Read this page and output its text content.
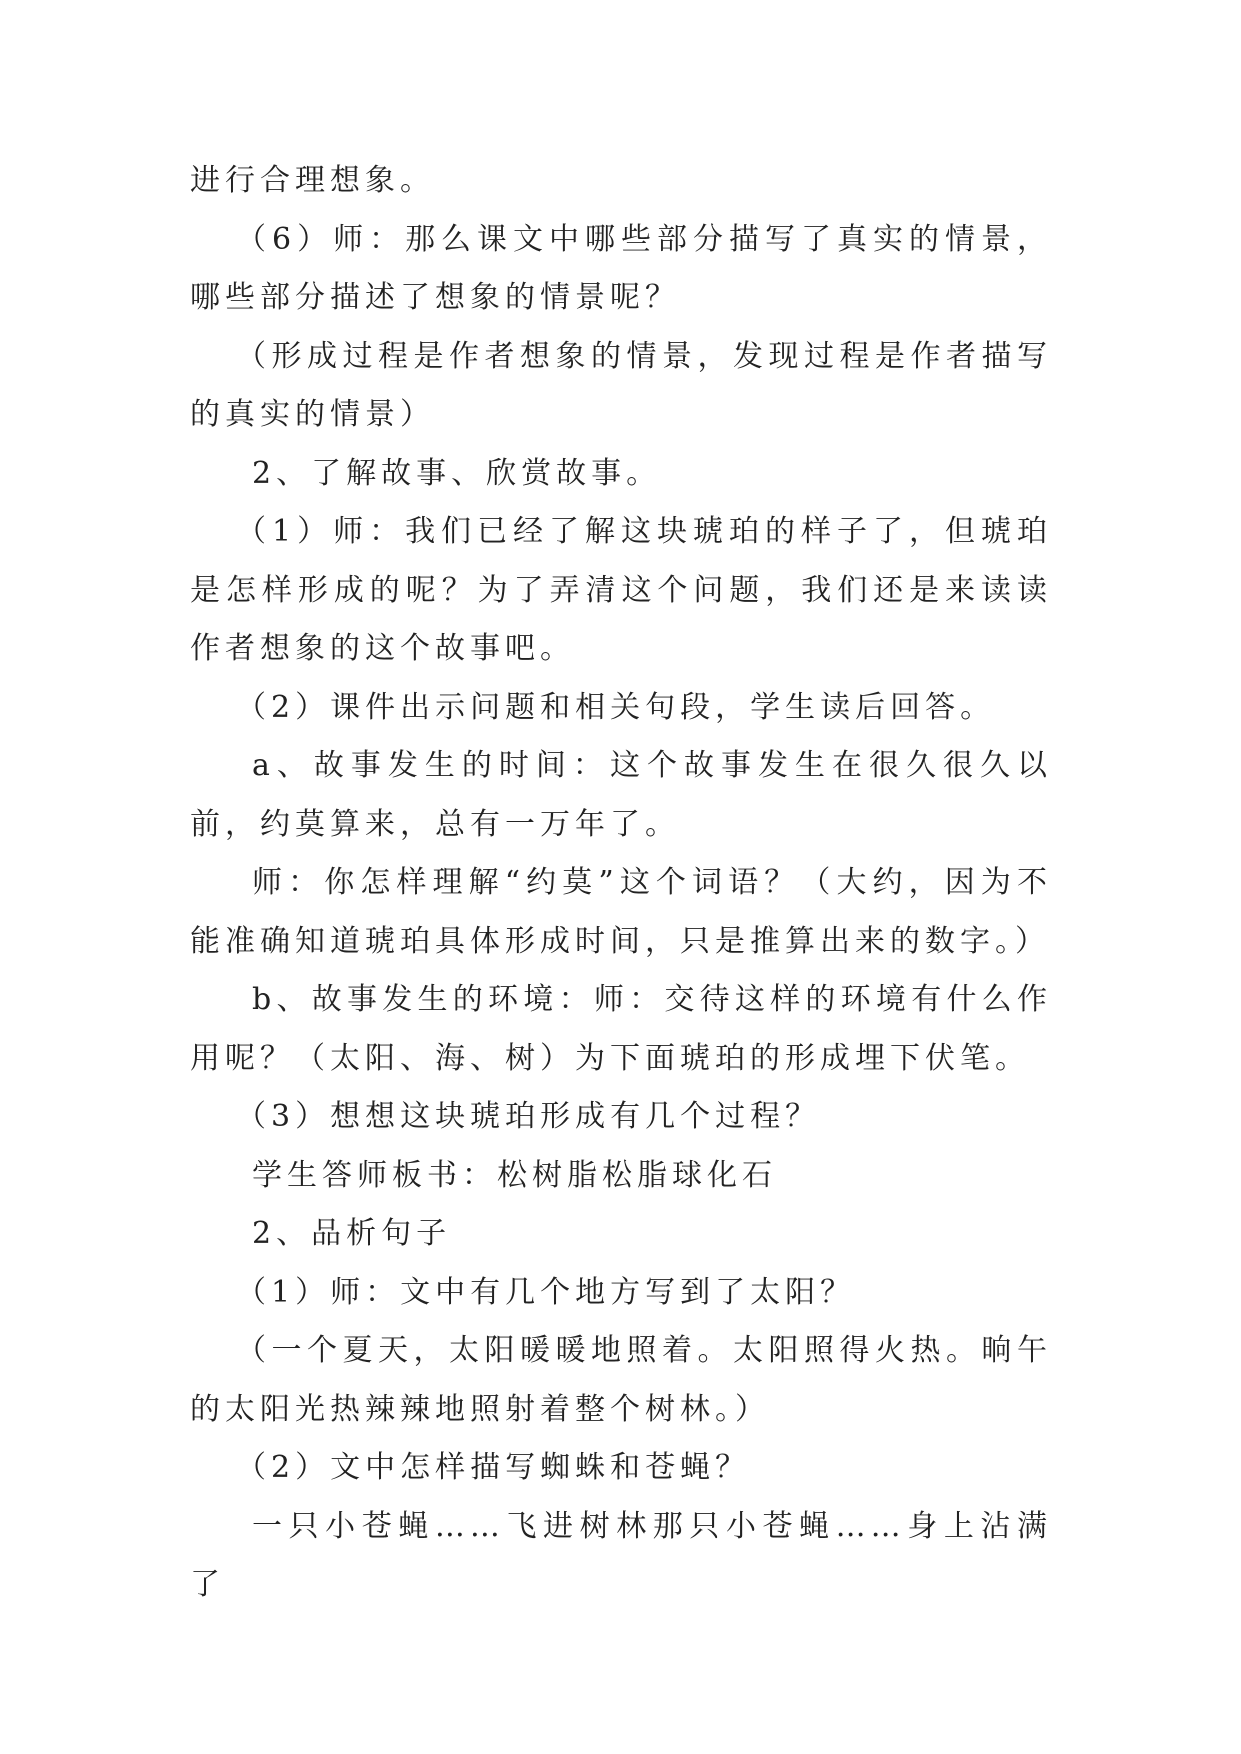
进行合理想象。

（6）师：那么课文中哪些部分描写了真实的情景，哪些部分描述了想象的情景呢？

（形成过程是作者想象的情景，发现过程是作者描写的真实的情景）

2、了解故事、欣赏故事。

（1）师：我们已经了解这块琥珀的样子了，但琥珀是怎样形成的呢？为了弄清这个问题，我们还是来读读作者想象的这个故事吧。

（2）课件出示问题和相关句段，学生读后回答。

a、故事发生的时间：这个故事发生在很久很久以前，约莫算来，总有一万年了。

师：你怎样理解“约莫”这个词语？（大约，因为不能准确知道琥珀具体形成时间，只是推算出来的数字。）

b、故事发生的环境：师：交待这样的环境有什么作用呢？（太阳、海、树）为下面琥珀的形成埋下伏笔。

（3）想想这块琥珀形成有几个过程？

学生答师板书：松树脂松脂球化石

2、品析句子

（1）师：文中有几个地方写到了太阳？

（一个夏天，太阳暖暖地照着。太阳照得火热。晌午的太阳光热辣辣地照射着整个树林。）

（2）文中怎样描写蜘蛛和苍蝇？

一只小苍蝇……飞进树林那只小苍蝇……身上沾满了
